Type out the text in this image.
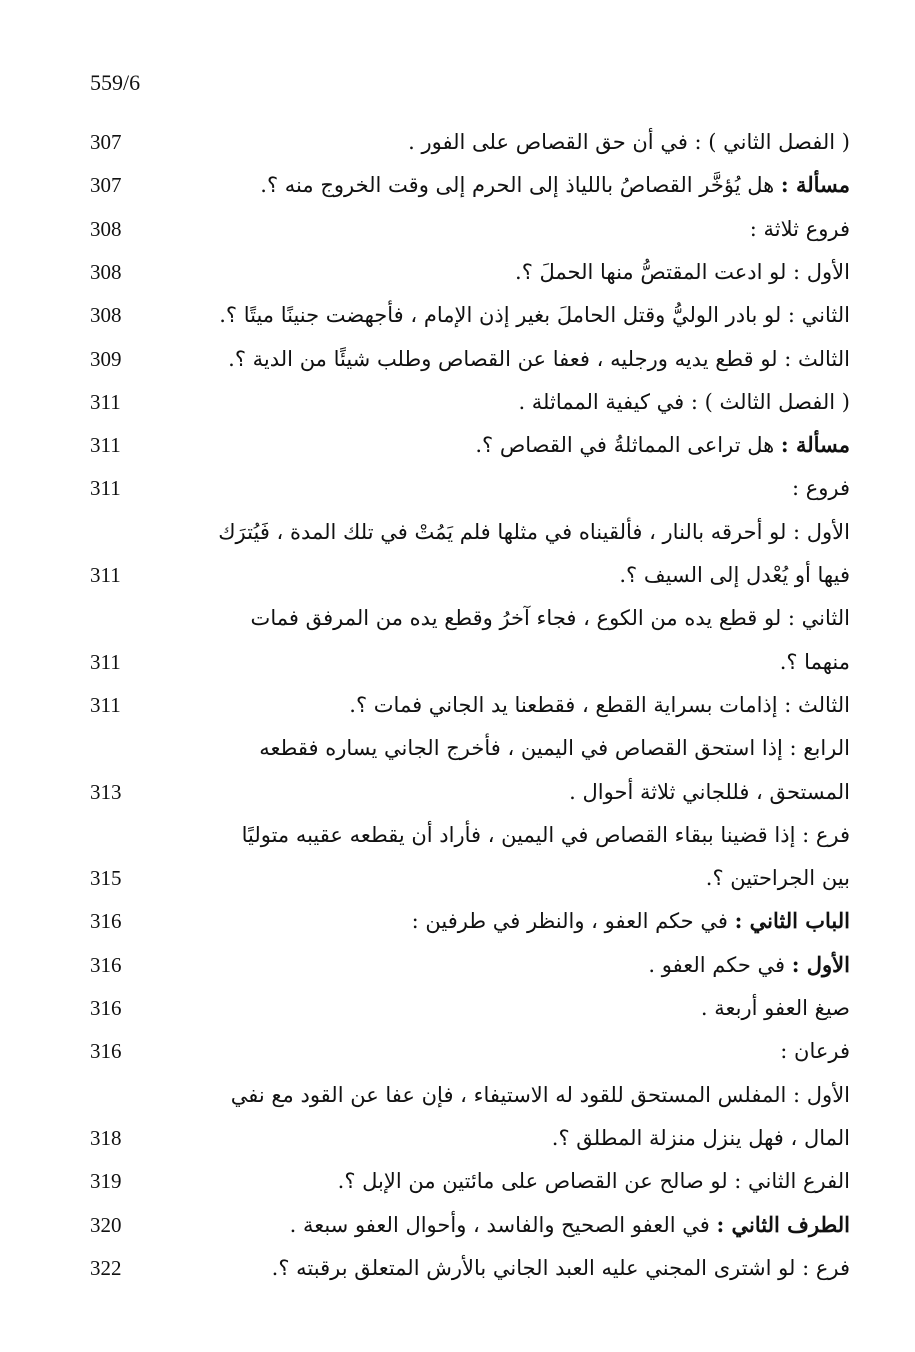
559/6
( الفصل الثاني ) : في أن حق القصاص على الفور .
307
مسألة : هل يُؤخَّر القصاصُ باللياذ إلى الحرم إلى وقت الخروج منه ؟.
307
فروع ثلاثة :
308
الأول : لو ادعت المقتصُّ منها الحملَ ؟.
308
الثاني : لو بادر الوليُّ وقتل الحاملَ بغير إذن الإمام ، فأجهضت جنينًا ميتًا ؟.
308
الثالث : لو قطع يديه ورجليه ، فعفا عن القصاص وطلب شيئًا من الدية ؟.
309
( الفصل الثالث ) : في كيفية المماثلة .
311
مسألة : هل تراعى المماثلةُ في القصاص ؟.
311
فروع :
311
الأول : لو أحرقه بالنار ، فألقيناه في مثلها فلم يَمُتْ في تلك المدة ، فَيُترَك
فيها أو يُعْدل إلى السيف ؟.
311
الثاني : لو قطع يده من الكوع ، فجاء آخرُ وقطع يده من المرفق فمات
منهما ؟.
311
الثالث : إذامات بسراية القطع ، فقطعنا يد الجاني فمات ؟.
311
الرابع : إذا استحق القصاص في اليمين ، فأخرج الجاني يساره فقطعه
المستحق ، فللجاني ثلاثة أحوال .
313
فرع : إذا قضينا ببقاء القصاص في اليمين ، فأراد أن يقطعه عقيبه متوليًا
بين الجراحتين ؟.
315
الباب الثاني : في حكم العفو ، والنظر في طرفين :
316
الأول : في حكم العفو .
316
صيغ العفو أربعة .
316
فرعان :
316
الأول : المفلس المستحق للقود له الاستيفاء ، فإن عفا عن القود مع نفي
المال ، فهل ينزل منزلة المطلق ؟.
318
الفرع الثاني : لو صالح عن القصاص على مائتين من الإبل ؟.
319
الطرف الثاني : في العفو الصحيح والفاسد ، وأحوال العفو سبعة .
320
فرع : لو اشترى المجني عليه العبد الجاني بالأرش المتعلق برقبته ؟.
322
